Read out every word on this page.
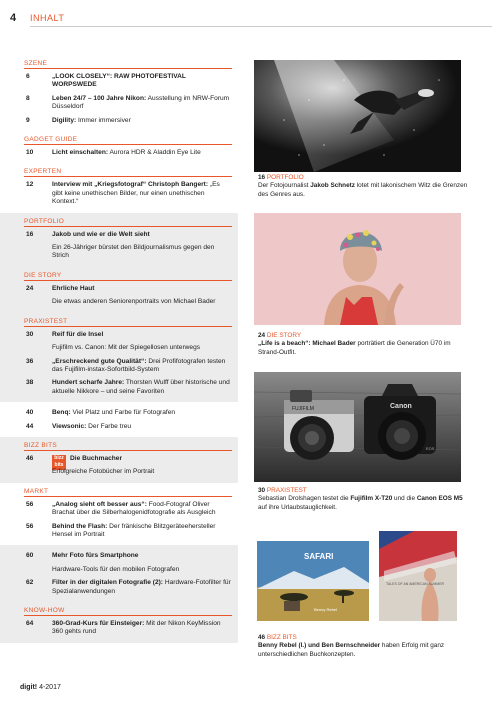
4 INHALT
SZENE
6	„LOOK CLOSELY“: RAW PHOTOFESTIVAL WORPSWEDE
8	Leben 24/7 – 100 Jahre Nikon: Ausstellung im NRW-Forum Düsseldorf
9	Digility: Immer immersiver
GADGET GUIDE
10	Licht einschalten: Aurora HDR & Aladdin Eye Lite
EXPERTEN
12	Interview mit „Kriegsfotograf“ Christoph Bangert: „Es gibt keine unethischen Bilder, nur einen unethischen Kontext.“
PORTFOLIO
16	Jakob und wie er die Welt sieht
Ein 26-Jähriger bürstet den Bildjournalismus gegen den Strich
DIE STORY
24	Ehrliche Haut
Die etwas anderen Seniorenportraits von Michael Bader
PRAXISTEST
30	Reif für die Insel
Fujifilm vs. Canon: Mit der Spiegellosen unterwegs
36	„Erschreckend gute Qualität“: Drei Profifotografen testen das Fujifilm-instax-Sofortbild-System
38	Hundert scharfe Jahre: Thorsten Wulff über historische und aktuelle Nikkore – und seine Favoriten
40	Benq: Viel Platz und Farbe für Fotografen
44	Viewsonic: Der Farbe treu
BIZZ BITS
46	bizz bits
Die Buchmacher
Erfolgreiche Fotobücher im Portrait
MARKT
56	„Analog sieht oft besser aus“: Food-Fotograf Oliver Brachat über die Silberhalogenidfotografie als Ausgleich
56	Behind the Flash: Der fränkische Blitzgeräteehersteller Hensel im Portrait
60	Mehr Foto fürs Smartphone
Hardware-Tools für den mobilen Fotografen
62	Filter in der digitalen Fotografie (2): Hardware-Fotofilter für Spezialanwendungen
KNOW-HOW
64	360-Grad-Kurs für Einsteiger: Mit der Nikon KeyMission 360 gehts rund
16 PORTFOLIO
Der Fotojournalist Jakob Schnetz lotet mit lakonischem Witz die Grenzen des Genres aus.
24 DIE STORY
„Life is a beach“: Michael Bader porträtiert die Generation Ü70 im Strand-Outfit.
FUJIFILM	Canon
EOS
30 PRAXISTEST
Sebastian Drolshagen testet die Fujifilm X-T20 und die Canon EOS M5 auf ihre Urlaubstauglichkeit.
SAFARI
Benny Rebel
TALES OF AN AMERICAN SUMMER
46 BIZZ BITS
Benny Rebel (l.) und Ben Bernschneider haben Erfolg mit ganz unterschiedlichen Buchkonzepten.
digit! 4-2017
